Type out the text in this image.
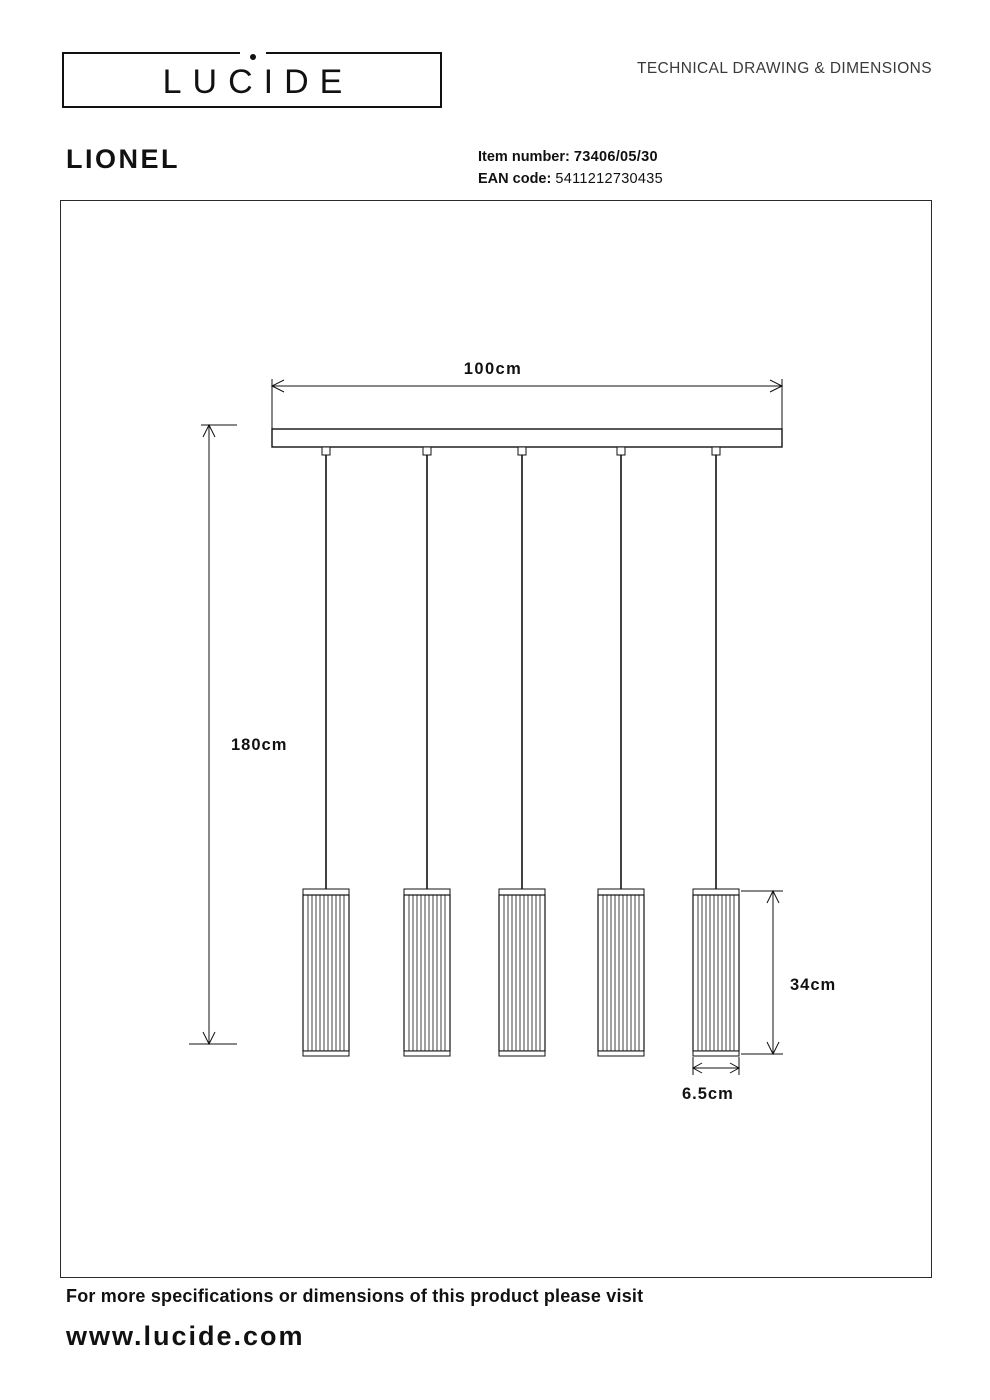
LUCIDE	TECHNICAL DRAWING & DIMENSIONS
LIONEL	Item number: 73406/05/30
EAN code: 5411212730435
180cm
34cm
6.5cm
100cm
For more specifications or dimensions of this product please visit
www.lucide.com
